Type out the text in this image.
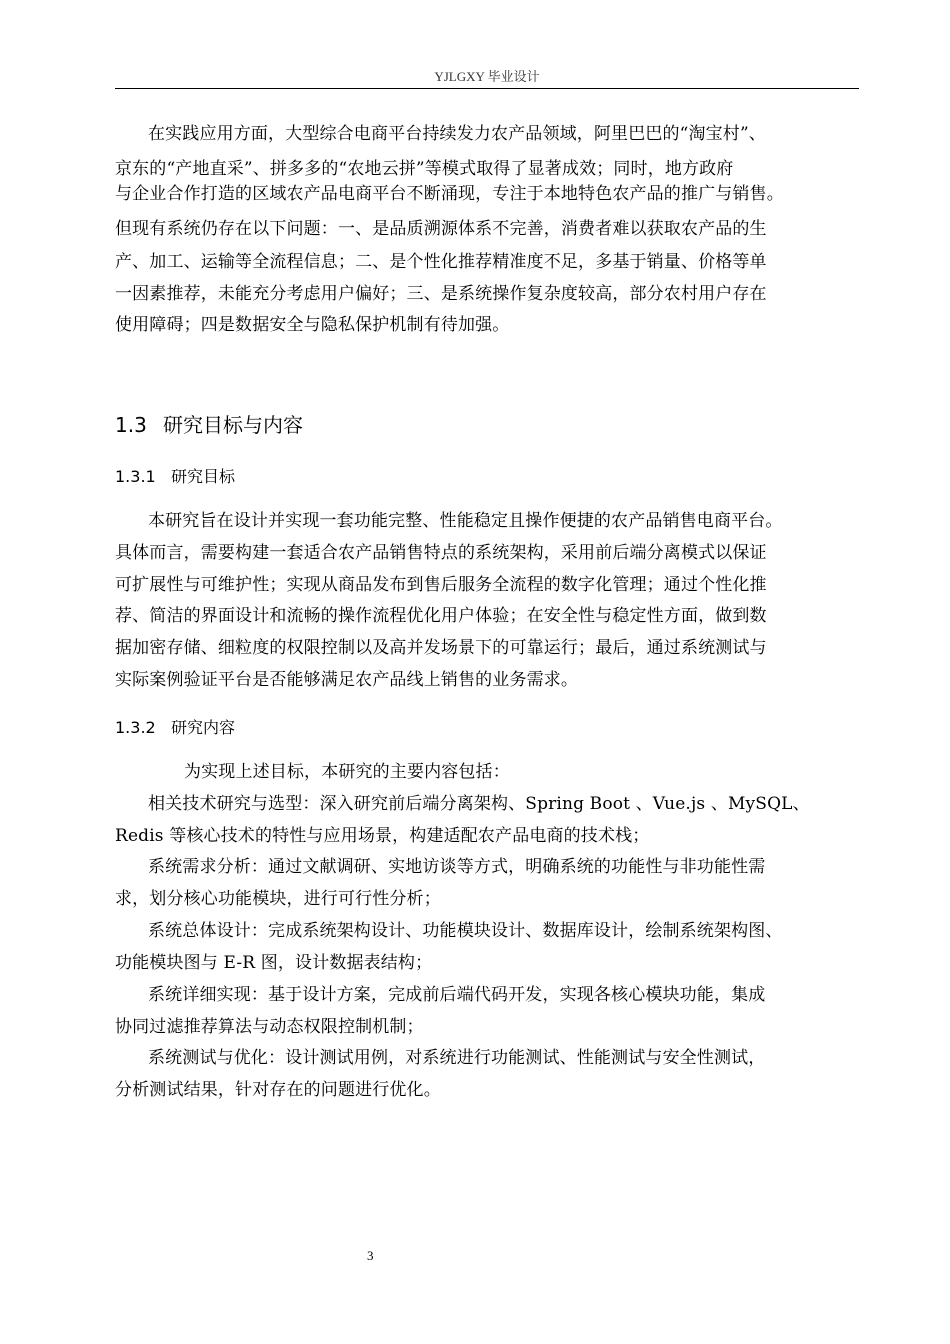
YJLGXY 毕业设计
在实践应用方面，大型综合电商平台持续发力农产品领域，阿里巴巴的“淘宝村”、
京东的“产地直采”、拼多多的“农地云拼”等模式取得了显著成效；同时，地方政府
与企业合作打造的区域农产品电商平台不断涌现，专注于本地特色农产品的推广与销售。
但现有系统仍存在以下问题：一、是品质溯源体系不完善，消费者难以获取农产品的生
产、加工、运输等全流程信息；二、是个性化推荐精准度不足，多基于销量、价格等单
一因素推荐，未能充分考虑用户偏好；三、是系统操作复杂度较高，部分农村用户存在
使用障碍；四是数据安全与隐私保护机制有待加强。
1.3 研究目标与内容
1.3.1 研究目标
本研究旨在设计并实现一套功能完整、性能稳定且操作便捷的农产品销售电商平台。
具体而言，需要构建一套适合农产品销售特点的系统架构，采用前后端分离模式以保证
可扩展性与可维护性；实现从商品发布到售后服务全流程的数字化管理；通过个性化推
荐、简洁的界面设计和流畅的操作流程优化用户体验；在安全性与稳定性方面，做到数
据加密存储、细粒度的权限控制以及高并发场景下的可靠运行；最后，通过系统测试与
实际案例验证平台是否能够满足农产品线上销售的业务需求。
1.3.2 研究内容
为实现上述目标，本研究的主要内容包括：
相关技术研究与选型：深入研究前后端分离架构、Spring Boot 、Vue.js 、MySQL、
Redis 等核心技术的特性与应用场景，构建适配农产品电商的技术栈；
系统需求分析：通过文献调研、实地访谈等方式，明确系统的功能性与非功能性需
求，划分核心功能模块，进行可行性分析；
系统总体设计：完成系统架构设计、功能模块设计、数据库设计，绘制系统架构图、
功能模块图与 E-R 图，设计数据表结构；
系统详细实现：基于设计方案，完成前后端代码开发，实现各核心模块功能，集成
协同过滤推荐算法与动态权限控制机制；
系统测试与优化：设计测试用例，对系统进行功能测试、性能测试与安全性测试，
分析测试结果，针对存在的问题进行优化。
3
